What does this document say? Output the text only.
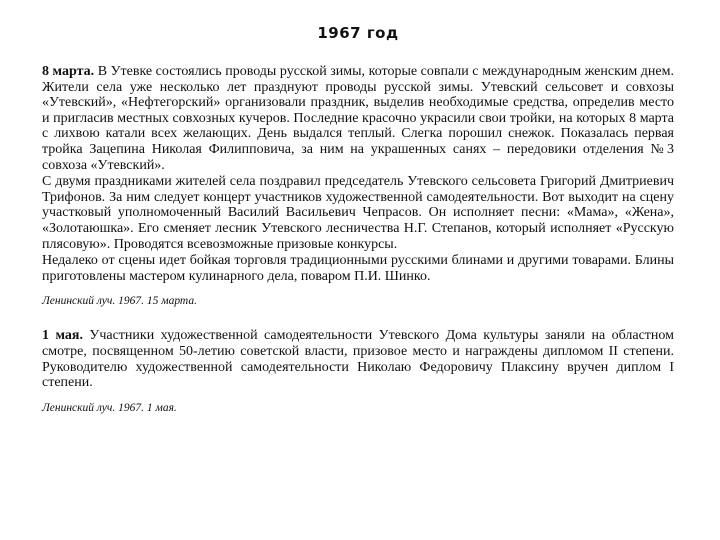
1967 год

8 марта. В Утевке состоялись проводы русской зимы, которые совпали с международным женским днем. Жители села уже несколько лет празднуют проводы русской зимы. Утевский сельсовет и совхозы «Утевский», «Нефтегорский» организовали праздник, выделив необходимые средства, определив место и пригласив местных совхозных кучеров. Последние красочно украсили свои тройки, на которых 8 марта с лихвою катали всех желающих. День выдался теплый. Слегка порошил снежок. Показалась первая тройка Зацепина Николая Филипповича, за ним на украшенных санях – передовики отделения №3 совхоза «Утевский».

С двумя праздниками жителей села поздравил председатель Утевского сельсовета Григорий Дмитриевич Трифонов. За ним следует концерт участников художественной самодеятельности. Вот выходит на сцену участковый уполномоченный Василий Васильевич Чепрасов. Он исполняет песни: «Мама», «Жена», «Золотаюшка». Его сменяет лесник Утевского лесничества Н.Г. Степанов, который исполняет «Русскую плясовую». Проводятся всевозможные призовые конкурсы.

Недалеко от сцены идет бойкая торговля традиционными русскими блинами и другими товарами. Блины приготовлены мастером кулинарного дела, поваром П.И. Шинко.

Ленинский луч. 1967. 15 марта.

1 мая. Участники художественной самодеятельности Утевского Дома культуры заняли на областном смотре, посвященном 50-летию советской власти, призовое место и награждены дипломом II степени. Руководителю художественной самодеятельности Николаю Федоровичу Плаксину вручен диплом I степени.

Ленинский луч. 1967. 1 мая.
